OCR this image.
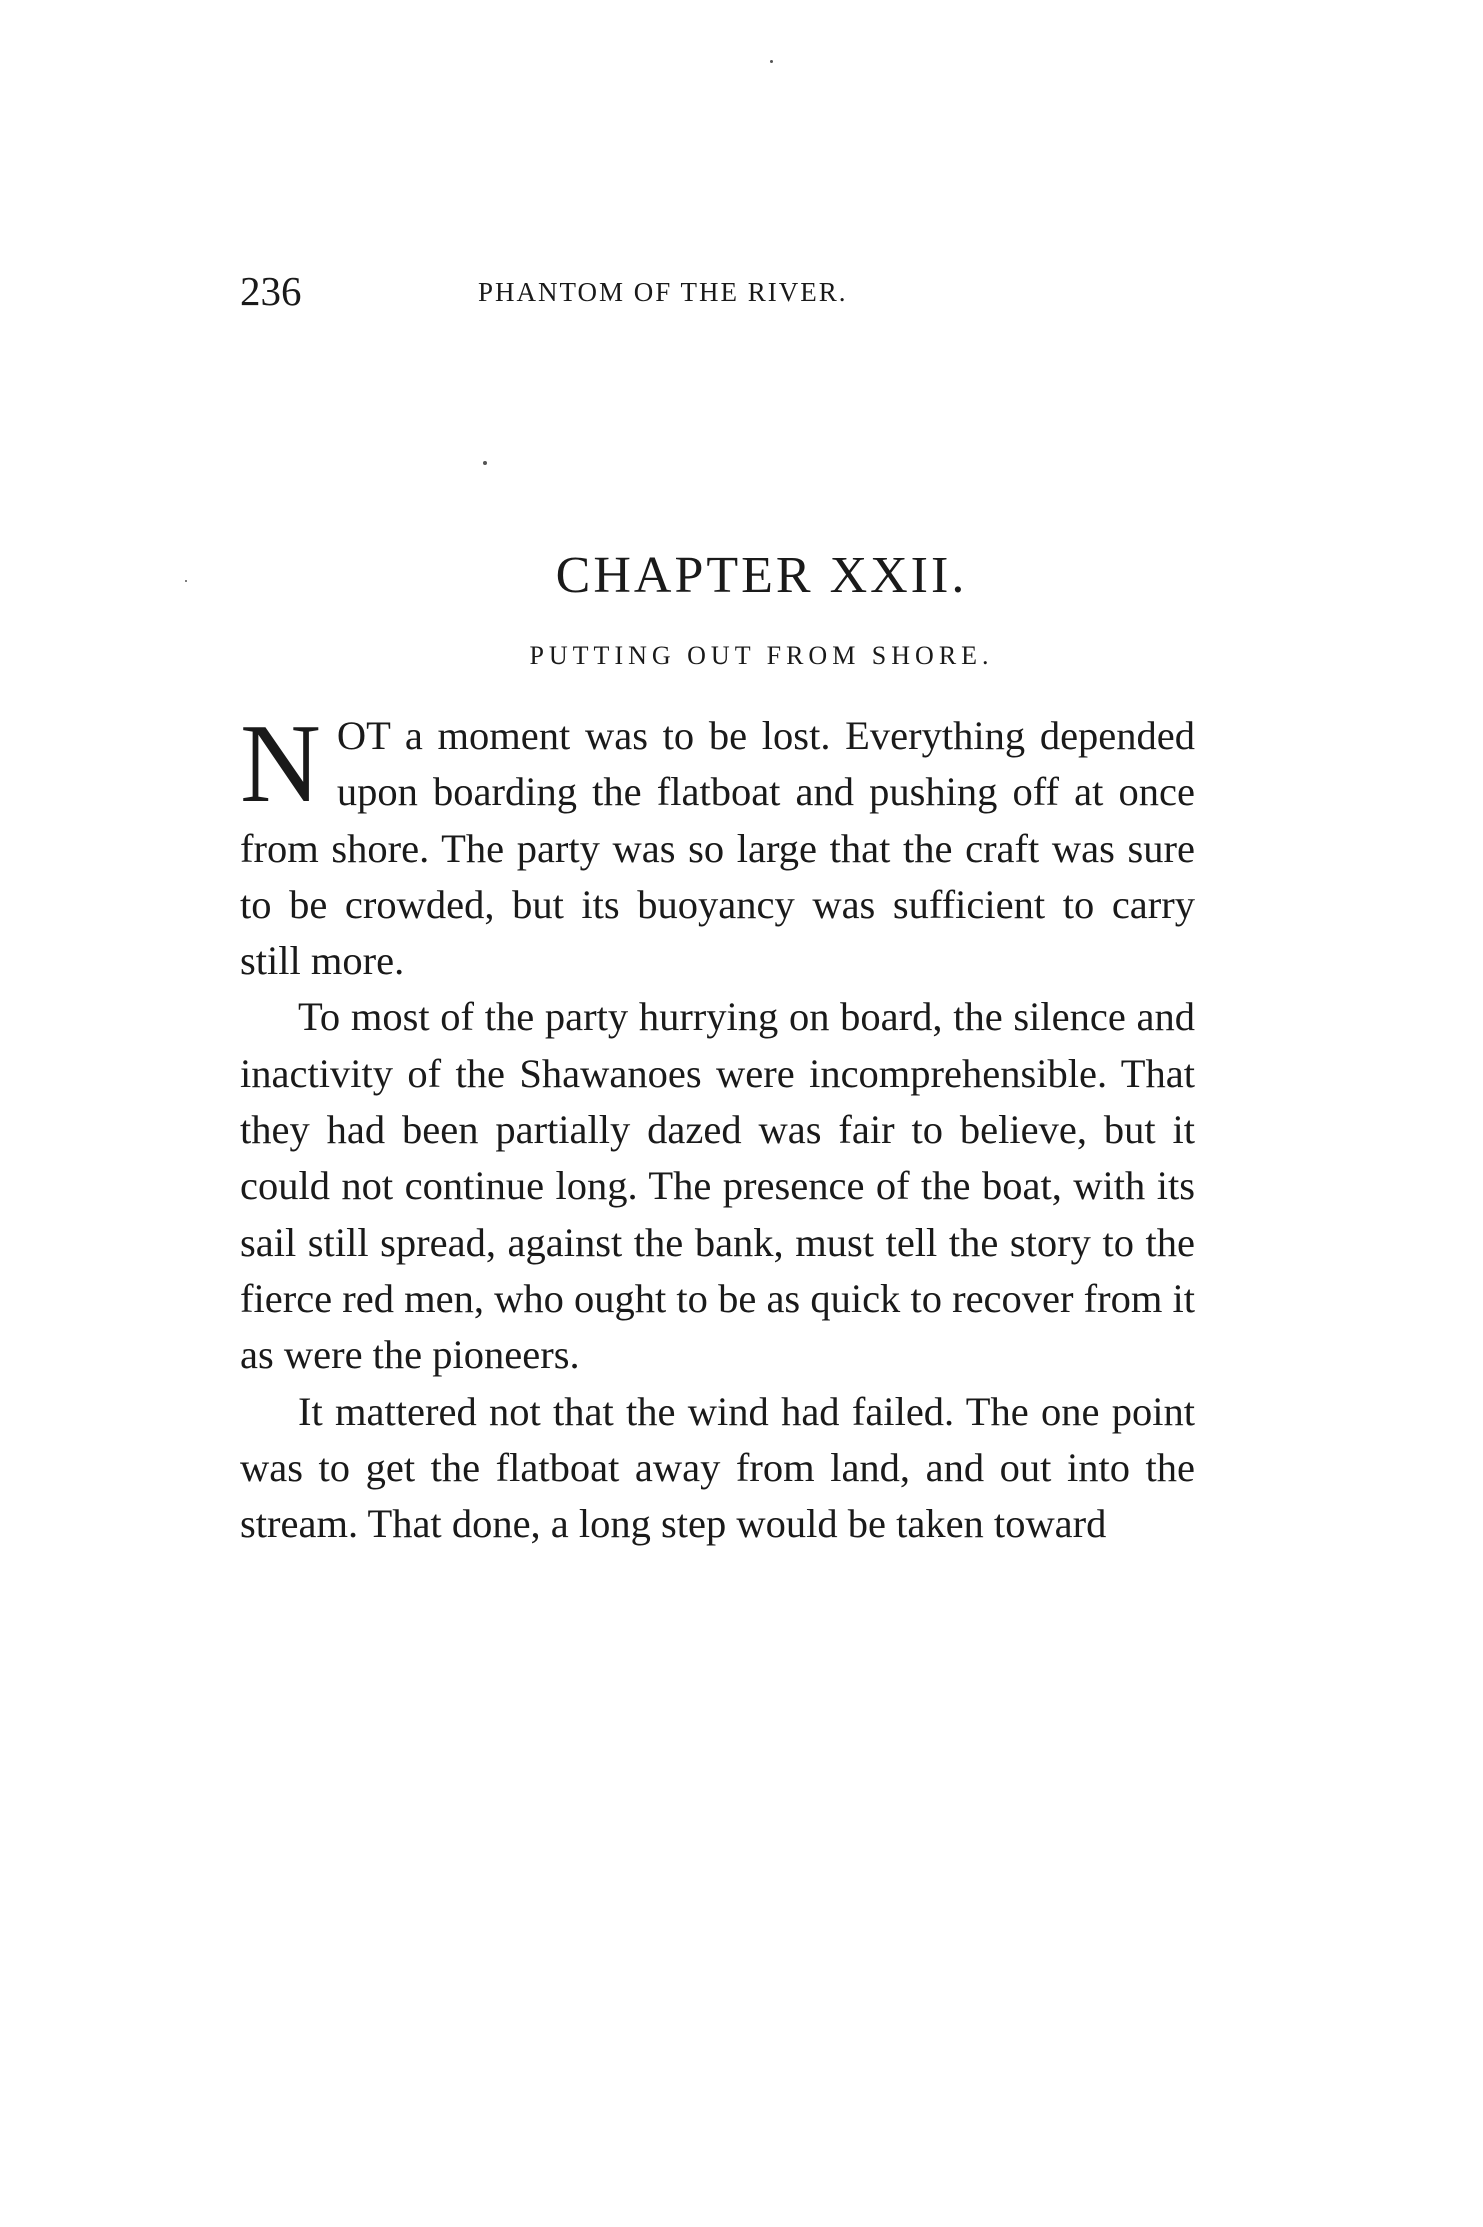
236	PHANTOM OF THE RIVER.
CHAPTER XXII.
PUTTING OUT FROM SHORE.

NOT a moment was to be lost. Everything depended upon boarding the flatboat and pushing off at once from shore. The party was so large that the craft was sure to be crowded, but its buoyancy was sufficient to carry still more.

To most of the party hurrying on board, the silence and inactivity of the Shawanoes were incomprehensible. That they had been partially dazed was fair to believe, but it could not continue long. The presence of the boat, with its sail still spread, against the bank, must tell the story to the fierce red men, who ought to be as quick to recover from it as were the pioneers.

It mattered not that the wind had failed. The one point was to get the flatboat away from land, and out into the stream. That done, a long step would be taken toward
